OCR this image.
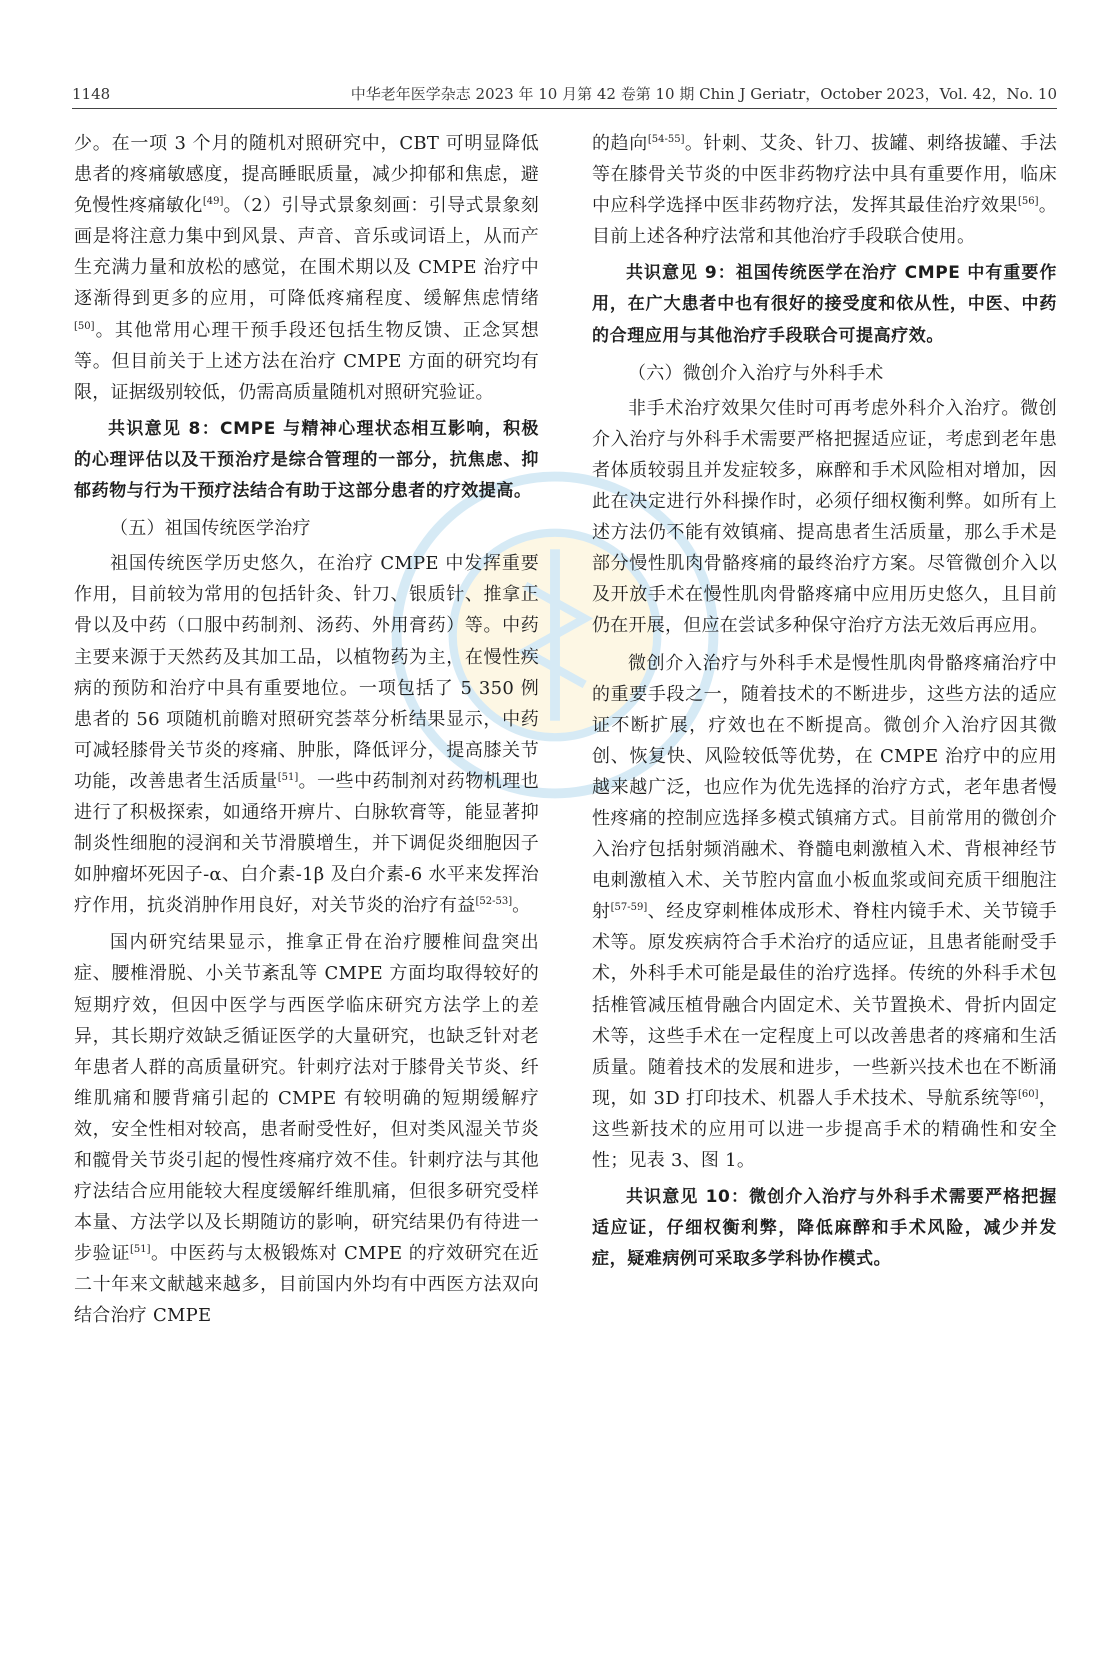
1148	中华老年医学杂志 2023 年 10 月第 42 卷第 10 期 Chin J Geriatr，October 2023，Vol. 42，No. 10

少。在一项 3 个月的随机对照研究中，CBT 可明显降低患者的疼痛敏感度，提高睡眠质量，减少抑郁和焦虑，避免慢性疼痛敏化[49]。（2）引导式景象刻画：引导式景象刻画是将注意力集中到风景、声音、音乐或词语上，从而产生充满力量和放松的感觉，在围术期以及 CMPE 治疗中逐渐得到更多的应用，可降低疼痛程度、缓解焦虑情绪[50]。其他常用心理干预手段还包括生物反馈、正念冥想等。但目前关于上述方法在治疗 CMPE 方面的研究均有限，证据级别较低，仍需高质量随机对照研究验证。

共识意见 8：CMPE 与精神心理状态相互影响，积极的心理评估以及干预治疗是综合管理的一部分，抗焦虑、抑郁药物与行为干预疗法结合有助于这部分患者的疗效提高。

（五）祖国传统医学治疗

祖国传统医学历史悠久，在治疗 CMPE 中发挥重要作用，目前较为常用的包括针灸、针刀、银质针、推拿正骨以及中药（口服中药制剂、汤药、外用膏药）等。中药主要来源于天然药及其加工品，以植物药为主，在慢性疾病的预防和治疗中具有重要地位。一项包括了 5 350 例患者的 56 项随机前瞻对照研究荟萃分析结果显示，中药可减轻膝骨关节炎的疼痛、肿胀，降低评分，提高膝关节功能，改善患者生活质量[51]。一些中药制剂对药物机理也进行了积极探索，如通络开痹片、白脉软膏等，能显著抑制炎性细胞的浸润和关节滑膜增生，并下调促炎细胞因子如肿瘤坏死因子-α、白介素-1β 及白介素-6 水平来发挥治疗作用，抗炎消肿作用良好，对关节炎的治疗有益[52-53]。

国内研究结果显示，推拿正骨在治疗腰椎间盘突出症、腰椎滑脱、小关节紊乱等 CMPE 方面均取得较好的短期疗效，但因中医学与西医学临床研究方法学上的差异，其长期疗效缺乏循证医学的大量研究，也缺乏针对老年患者人群的高质量研究。针刺疗法对于膝骨关节炎、纤维肌痛和腰背痛引起的 CMPE 有较明确的短期缓解疗效，安全性相对较高，患者耐受性好，但对类风湿关节炎和髋骨关节炎引起的慢性疼痛疗效不佳。针刺疗法与其他疗法结合应用能较大程度缓解纤维肌痛，但很多研究受样本量、方法学以及长期随访的影响，研究结果仍有待进一步验证[51]。中医药与太极锻炼对 CMPE 的疗效研究在近二十年来文献越来越多，目前国内外均有中西医方法双向结合治疗 CMPE

的趋向[54-55]。针刺、艾灸、针刀、拔罐、刺络拔罐、手法等在膝骨关节炎的中医非药物疗法中具有重要作用，临床中应科学选择中医非药物疗法，发挥其最佳治疗效果[56]。目前上述各种疗法常和其他治疗手段联合使用。

共识意见 9：祖国传统医学在治疗 CMPE 中有重要作用，在广大患者中也有很好的接受度和依从性，中医、中药的合理应用与其他治疗手段联合可提高疗效。

（六）微创介入治疗与外科手术

非手术治疗效果欠佳时可再考虑外科介入治疗。微创介入治疗与外科手术需要严格把握适应证，考虑到老年患者体质较弱且并发症较多，麻醉和手术风险相对增加，因此在决定进行外科操作时，必须仔细权衡利弊。如所有上述方法仍不能有效镇痛、提高患者生活质量，那么手术是部分慢性肌肉骨骼疼痛的最终治疗方案。尽管微创介入以及开放手术在慢性肌肉骨骼疼痛中应用历史悠久，且目前仍在开展，但应在尝试多种保守治疗方法无效后再应用。

微创介入治疗与外科手术是慢性肌肉骨骼疼痛治疗中的重要手段之一，随着技术的不断进步，这些方法的适应证不断扩展，疗效也在不断提高。微创介入治疗因其微创、恢复快、风险较低等优势，在 CMPE 治疗中的应用越来越广泛，也应作为优先选择的治疗方式，老年患者慢性疼痛的控制应选择多模式镇痛方式。目前常用的微创介入治疗包括射频消融术、脊髓电刺激植入术、背根神经节电刺激植入术、关节腔内富血小板血浆或间充质干细胞注射[57-59]、经皮穿刺椎体成形术、脊柱内镜手术、关节镜手术等。原发疾病符合手术治疗的适应证，且患者能耐受手术，外科手术可能是最佳的治疗选择。传统的外科手术包括椎管减压植骨融合内固定术、关节置换术、骨折内固定术等，这些手术在一定程度上可以改善患者的疼痛和生活质量。随着技术的发展和进步，一些新兴技术也在不断涌现，如 3D 打印技术、机器人手术技术、导航系统等[60]，这些新技术的应用可以进一步提高手术的精确性和安全性；见表 3、图 1。

共识意见 10：微创介入治疗与外科手术需要严格把握适应证，仔细权衡利弊，降低麻醉和手术风险，减少并发症，疑难病例可采取多学科协作模式。
